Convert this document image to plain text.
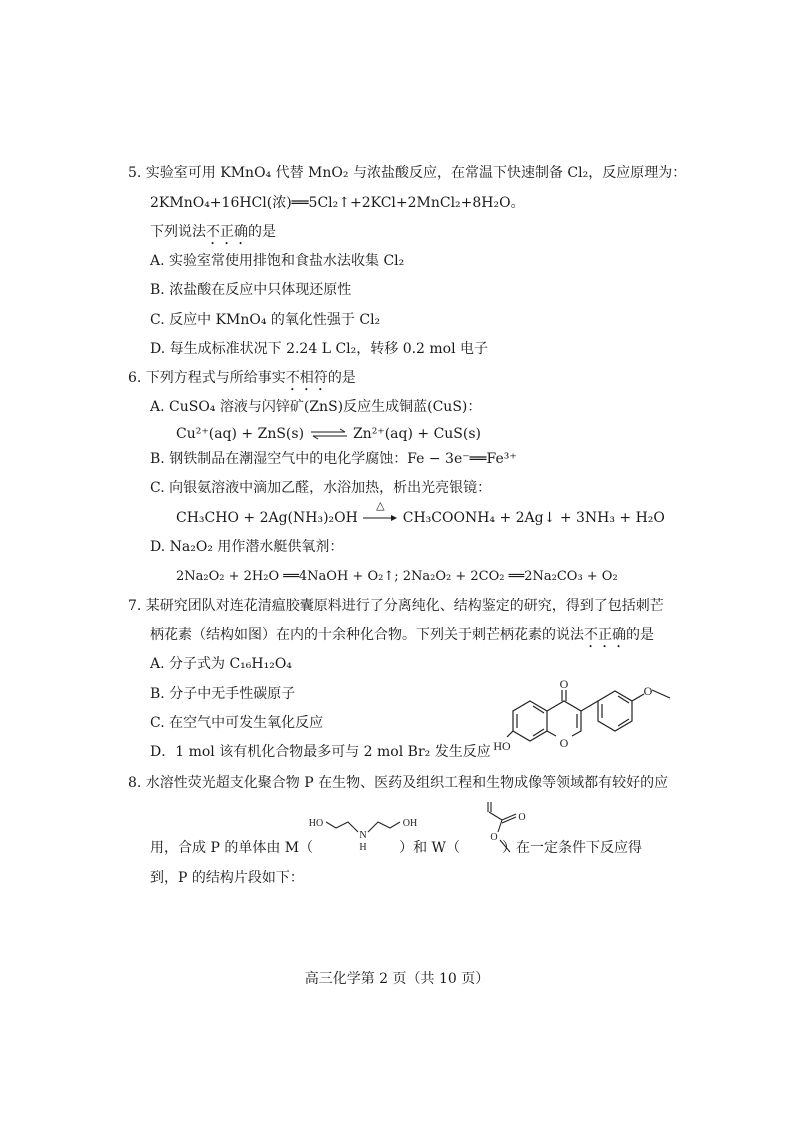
5. 实验室可用 KMnO₄ 代替 MnO₂ 与浓盐酸反应，在常温下快速制备 Cl₂，反应原理为：
2KMnO₄+16HCl(浓)══5Cl₂↑+2KCl+2MnCl₂+8H₂O。
下列说法不正确的是
A. 实验室常使用排饱和食盐水法收集 Cl₂
B. 浓盐酸在反应中只体现还原性
C. 反应中 KMnO₄ 的氧化性强于 Cl₂
D. 每生成标准状况下 2.24 L Cl₂，转移 0.2 mol 电子
6. 下列方程式与所给事实不相符的是
A. CuSO₄ 溶液与闪锌矿(ZnS)反应生成铜蓝(CuS)：
Cu²⁺(aq) + ZnS(s) ⇌ Zn²⁺(aq) + CuS(s)
B. 钢铁制品在潮湿空气中的电化学腐蚀：Fe − 3e⁻══Fe³⁺
C. 向银氨溶液中滴加乙醛，水浴加热，析出光亮银镜：
CH₃CHO + 2Ag(NH₃)₂OH
△
CH₃COONH₄ + 2Ag↓ + 3NH₃ + H₂O
D. Na₂O₂ 用作潜水艇供氧剂：
2Na₂O₂ + 2H₂O ══4NaOH + O₂↑; 2Na₂O₂ + 2CO₂ ══2Na₂CO₃ + O₂
7. 某研究团队对连花清瘟胶囊原料进行了分离纯化、结构鉴定的研究，得到了包括刺芒
柄花素（结构如图）在内的十余种化合物。下列关于刺芒柄花素的说法不正确的是
A. 分子式为 C₁₆H₁₂O₄
B. 分子中无手性碳原子
C. 在空气中可发生氧化反应
D．1 mol 该有机化合物最多可与 2 mol Br₂ 发生反应
O
O
O
HO
8. 水溶性荧光超支化聚合物 P 在生物、医药及组织工程和生物成像等领域都有较好的应
用，合成 P 的单体由 M（	）和 W（	）在一定条件下反应得
到，P 的结构片段如下：
HO
N
H
OH
O
O
高三化学第 2 页（共 10 页）
